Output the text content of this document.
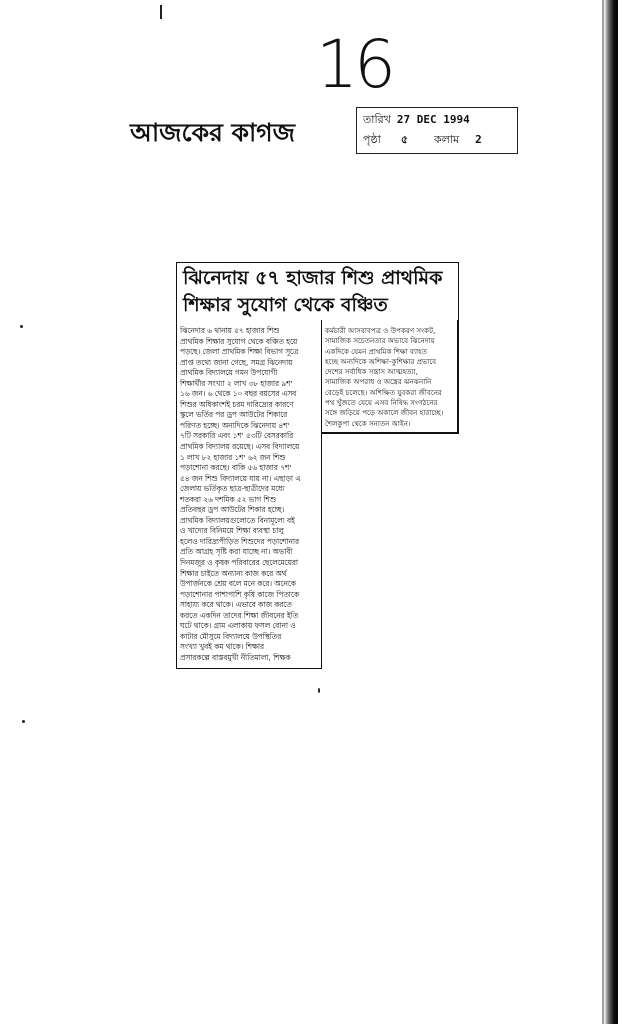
16
আজকের কাগজ	তারিখ 27 DEC 1994
পৃষ্ঠা ৫ কলাম 2
ঝিনেদায় ৫৭ হাজার শিশু প্রাথমিক
শিক্ষার সুযোগ থেকে বঞ্চিত
ঝিনেদার ৬ থানায় ৫৭ হাজার শিশু
প্রাথমিক শিক্ষার সুযোগ থেকে বঞ্চিত হয়ে
পড়ছে। জেলা প্রাথমিক শিক্ষা বিভাগ সূত্রে
প্রাপ্ত তথ্যে জানা গেছে, সমগ্র ঝিনেদায়
প্রাথমিক বিদ্যালয়ে গমন উপযোগী
শিক্ষার্থীর সংখ্যা ২ লাখ ৩৮ হাজার ৯শ'
১৬ জন। ৬ থেকে ১০ বছর বয়সের এসব
শিশুর অধিকাংশই চরম দারিদ্র্যের কারণে
স্কুলে ভর্তির পর ড্রপ আউটের শিকারে
পরিণত হচ্ছে। অন্যদিকে ঝিনেদায় ৪শ'
৭টি সরকারি এবং ১শ' ৫৩টি বেসরকারি
প্রাথমিক বিদ্যালয় রয়েছে। এসব বিদ্যালয়ে
১ লাখ ৮২ হাজার ১শ' ৬২ জন শিশু
পড়াশোনা করছে। বাকি ৫৬ হাজার ৭শ'
৫৪ জন শিশু বিদ্যালয়ে যায় না। এছাড়া এ
জেলায় ভর্তিকৃত ছাত্র-ছাত্রীদের মধ্যে
শতকরা ২৬ দশমিক ৫২ ভাগ শিশু
প্রতিবছর ড্রপ আউটের শিকার হচ্ছে।
প্রাথমিক বিদ্যালয়গুলোতে বিনামূল্যে বই
ও খাদ্যের বিনিময়ে শিক্ষা ব্যবস্থা চালু
হলেও দারিদ্র্যপীড়িত শিশুদের পড়াশোনার
প্রতি আগ্রহ সৃষ্টি করা যাচ্ছে না। অভাবী
দিনমজুর ও কৃষক পরিবারের ছেলেমেয়েরা
শিক্ষার চাইতে অন্যান্য কাজ করে অর্থ
উপার্জনকে শ্রেয় বলে মনে করে। অনেকে
পড়াশোনার পাশাপাশি কৃষি কাজে পিতাকে
সাহায্য করে থাকে। এভাবে কাজ করতে
করতে একদিন তাদের শিক্ষা জীবনের ইতি
ঘটে থাকে। গ্রাম এলাকায় ফসল বোনা ও
কাটার মৌসুমে বিদ্যালয়ে উপস্থিতির
সংখ্যা খুবই কম থাকে। শিক্ষার
প্রসারকল্পে বাস্তবমুখী নীতিমালা, শিক্ষক
কর্মচারী আসবাবপত্র ও উপকরণ সংকট,
সামাজিক সচেতনতার অভাবে ঝিনেদায়
একদিকে যেমন প্রাথমিক শিক্ষা ব্যাহত
হচ্ছে অন্যদিকে অশিক্ষা-কুশিক্ষার প্রভাবে
দেশের সর্বাধিক সন্ত্রাস আত্মহত্যা,
সামাজিক অপরাধ ও অস্ত্রের ঝনঝনানি
বেড়েই চলেছে। অশিক্ষিত যুবকরা জীবনের
পথ খুঁজতে যেয়ে এসব নিষিদ্ধ সংগঠনের
সঙ্গে জড়িয়ে পড়ে অকালে জীবন হারাচ্ছে।
শৈলকুপা থেকে সনাতন আইন।
